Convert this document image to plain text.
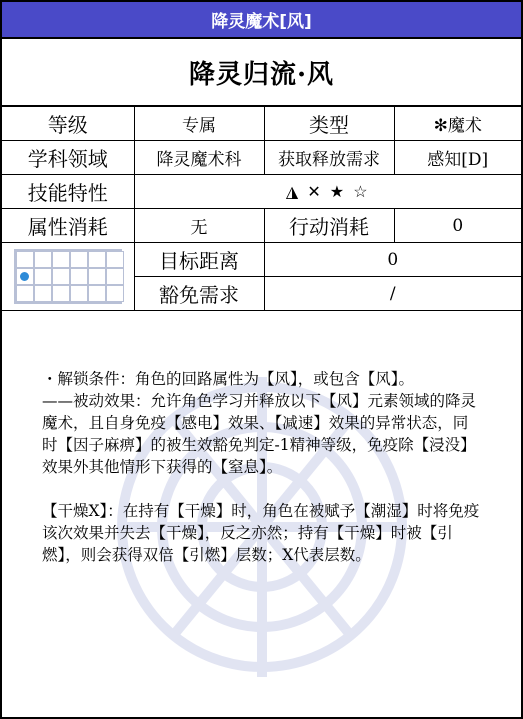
降灵魔术[风]
降灵归流·风
等级	专属	类型	✻魔术
学科领域	降灵魔术科	获取释放需求	感知[D]
技能特性	◮ ✕ ★ ☆		
属性消耗	无	行动消耗	0

	目标距离	0	
	豁免需求	/	

・解锁条件：角色的回路属性为【风】，或包含【风】。

——被动效果：允许角色学习并释放以下【风】元素领域的降灵魔术，且自身免疫【感电】效果、【减速】效果的异常状态，同时【因子麻痹】的被生效豁免判定-1精神等级，免疫除【浸没】效果外其他情形下获得的【窒息】。

【干燥X】：在持有【干燥】时，角色在被赋予【潮湿】时将免疫该次效果并失去【干燥】，反之亦然；持有【干燥】时被【引燃】，则会获得双倍【引燃】层数；X代表层数。
